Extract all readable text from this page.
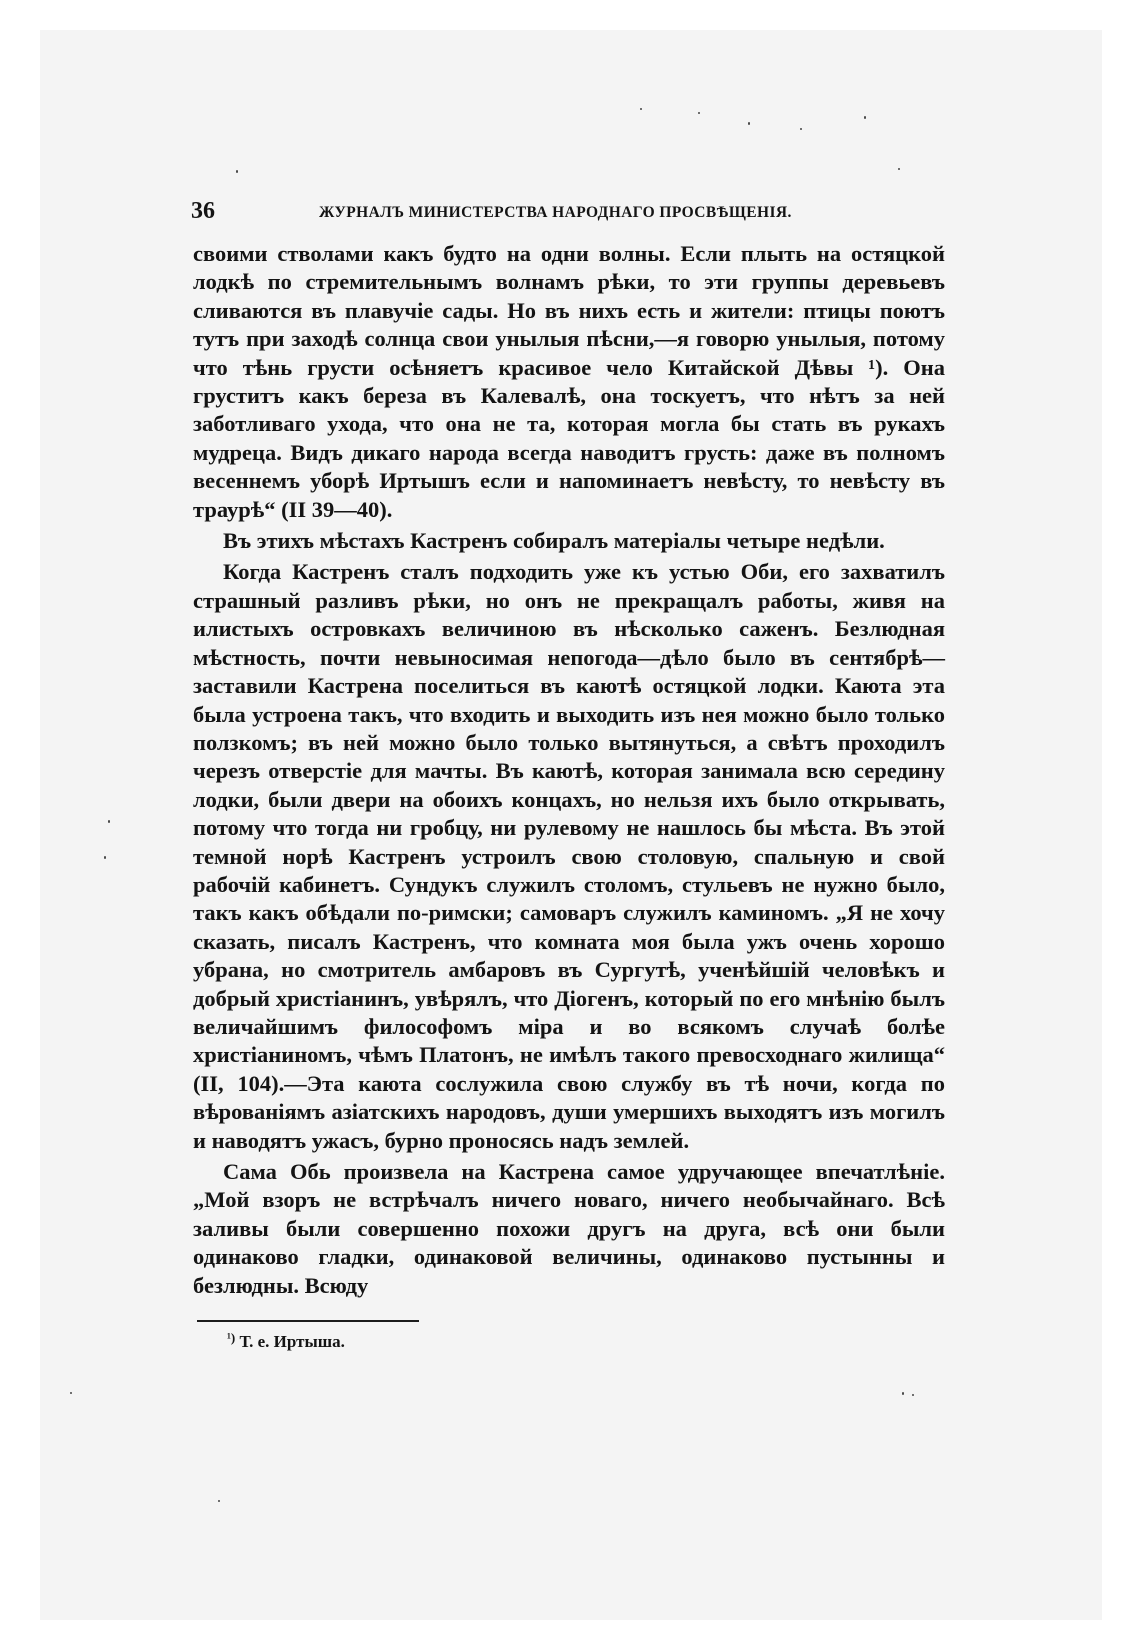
36	ЖУРНАЛЪ МИНИСТЕРСТВА НАРОДНАГО ПРОСВѢЩЕНІЯ.

своими стволами какъ будто на одни волны. Если плыть на остяцкой лодкѣ по стремительнымъ волнамъ рѣки, то эти группы деревьевъ сливаются въ плавучіе сады. Но въ нихъ есть и жители: птицы поютъ тутъ при заходѣ солнца свои унылыя пѣсни,—я говорю унылыя, потому что тѣнь грусти осѣняетъ красивое чело Китайской Дѣвы ¹). Она груститъ какъ береза въ Калевалѣ, она тоскуетъ, что нѣтъ за ней заботливаго ухода, что она не та, которая могла бы стать въ рукахъ мудреца. Видъ дикаго народа всегда наводитъ грусть: даже въ полномъ весеннемъ уборѣ Иртышъ если и напоминаетъ невѣсту, то невѣсту въ траурѣ“ (II 39—40).

Въ этихъ мѣстахъ Кастренъ собиралъ матеріалы четыре недѣли.

Когда Кастренъ сталъ подходить уже къ устью Оби, его захватилъ страшный разливъ рѣки, но онъ не прекращалъ работы, живя на илистыхъ островкахъ величиною въ нѣсколько саженъ. Безлюдная мѣстность, почти невыносимая непогода—дѣло было въ сентябрѣ—заставили Кастрена поселиться въ каютѣ остяцкой лодки. Каюта эта была устроена такъ, что входить и выходить изъ нея можно было только ползкомъ; въ ней можно было только вытянуться, а свѣтъ проходилъ черезъ отверстіе для мачты. Въ каютѣ, которая занимала всю середину лодки, были двери на обоихъ концахъ, но нельзя ихъ было открывать, потому что тогда ни гробцу, ни рулевому не нашлось бы мѣста. Въ этой темной норѣ Кастренъ устроилъ свою столовую, спальную и свой рабочій кабинетъ. Сундукъ служилъ столомъ, стульевъ не нужно было, такъ какъ обѣдали по-римски; самоваръ служилъ каминомъ. „Я не хочу сказать, писалъ Кастренъ, что комната моя была ужъ очень хорошо убрана, но смотритель амбаровъ въ Сургутѣ, ученѣйшій человѣкъ и добрый христіанинъ, увѣрялъ, что Діогенъ, который по его мнѣнію былъ величайшимъ философомъ міра и во всякомъ случаѣ болѣе христіаниномъ, чѣмъ Платонъ, не имѣлъ такого превосходнаго жилища“ (II, 104).—Эта каюта сослужила свою службу въ тѣ ночи, когда по вѣрованіямъ азіатскихъ народовъ, души умершихъ выходятъ изъ могилъ и наводятъ ужасъ, бурно проносясь надъ землей.

Сама Обь произвела на Кастрена самое удручающее впечатлѣніе. „Мой взоръ не встрѣчалъ ничего новаго, ничего необычайнаго. Всѣ заливы были совершенно похожи другъ на друга, всѣ они были одинаково гладки, одинаковой величины, одинаково пустынны и безлюдны. Всюду

$^{^1)}$ Т. е. Иртыша.
